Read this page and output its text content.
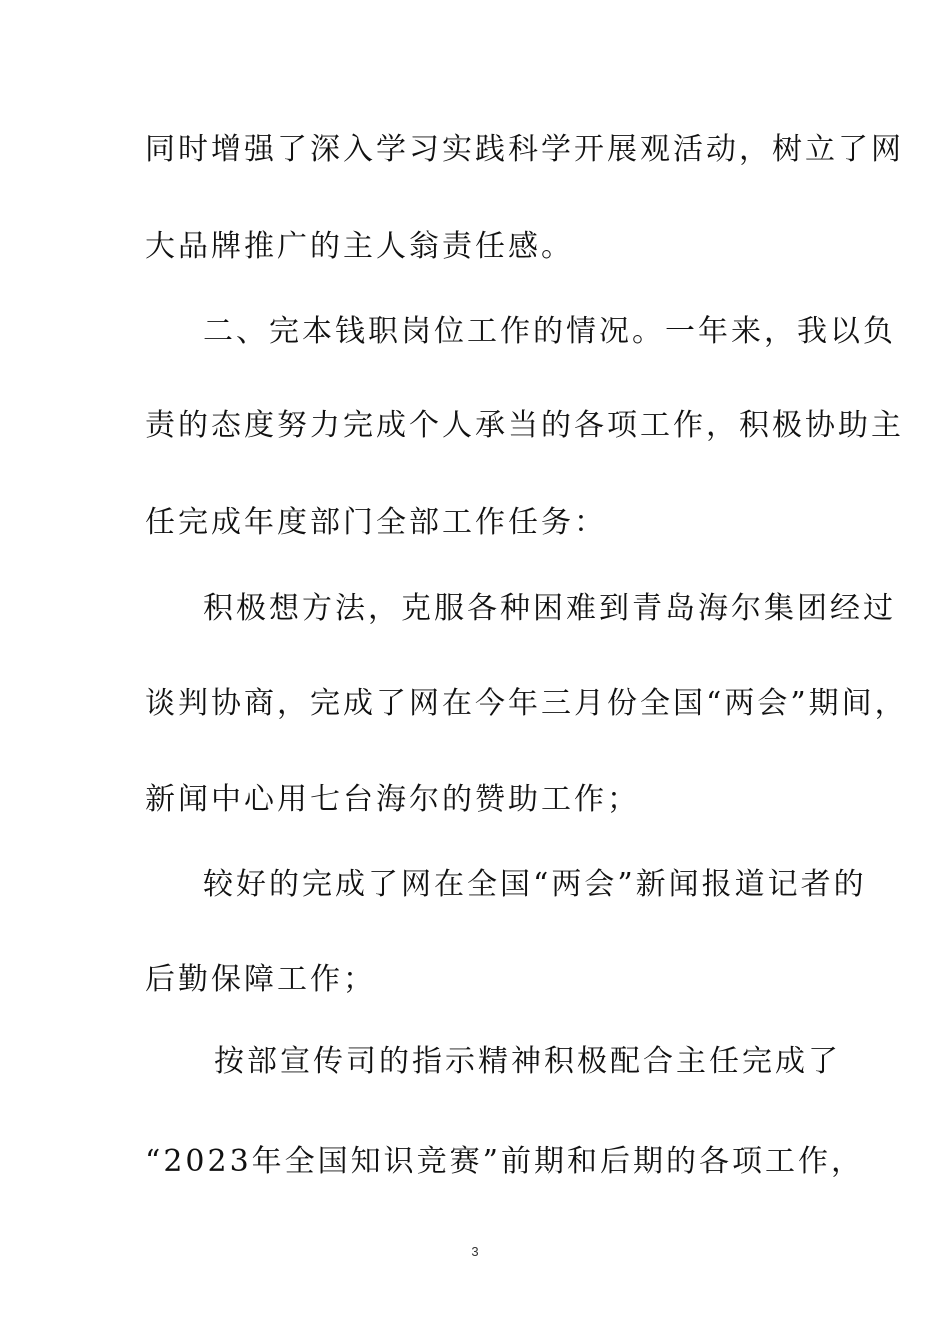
同时增强了深入学习实践科学开展观活动，树立了网
大品牌推广的主人翁责任感。
二、完本钱职岗位工作的情况。一年来，我以负
责的态度努力完成个人承当的各项工作，积极协助主
任完成年度部门全部工作任务：
积极想方法，克服各种困难到青岛海尔集团经过
谈判协商，完成了网在今年三月份全国“两会”期间，
新闻中心用七台海尔的赞助工作；
较好的完成了网在全国“两会”新闻报道记者的
后勤保障工作；
按部宣传司的指示精神积极配合主任完成了
“2023年全国知识竞赛”前期和后期的各项工作，
3
